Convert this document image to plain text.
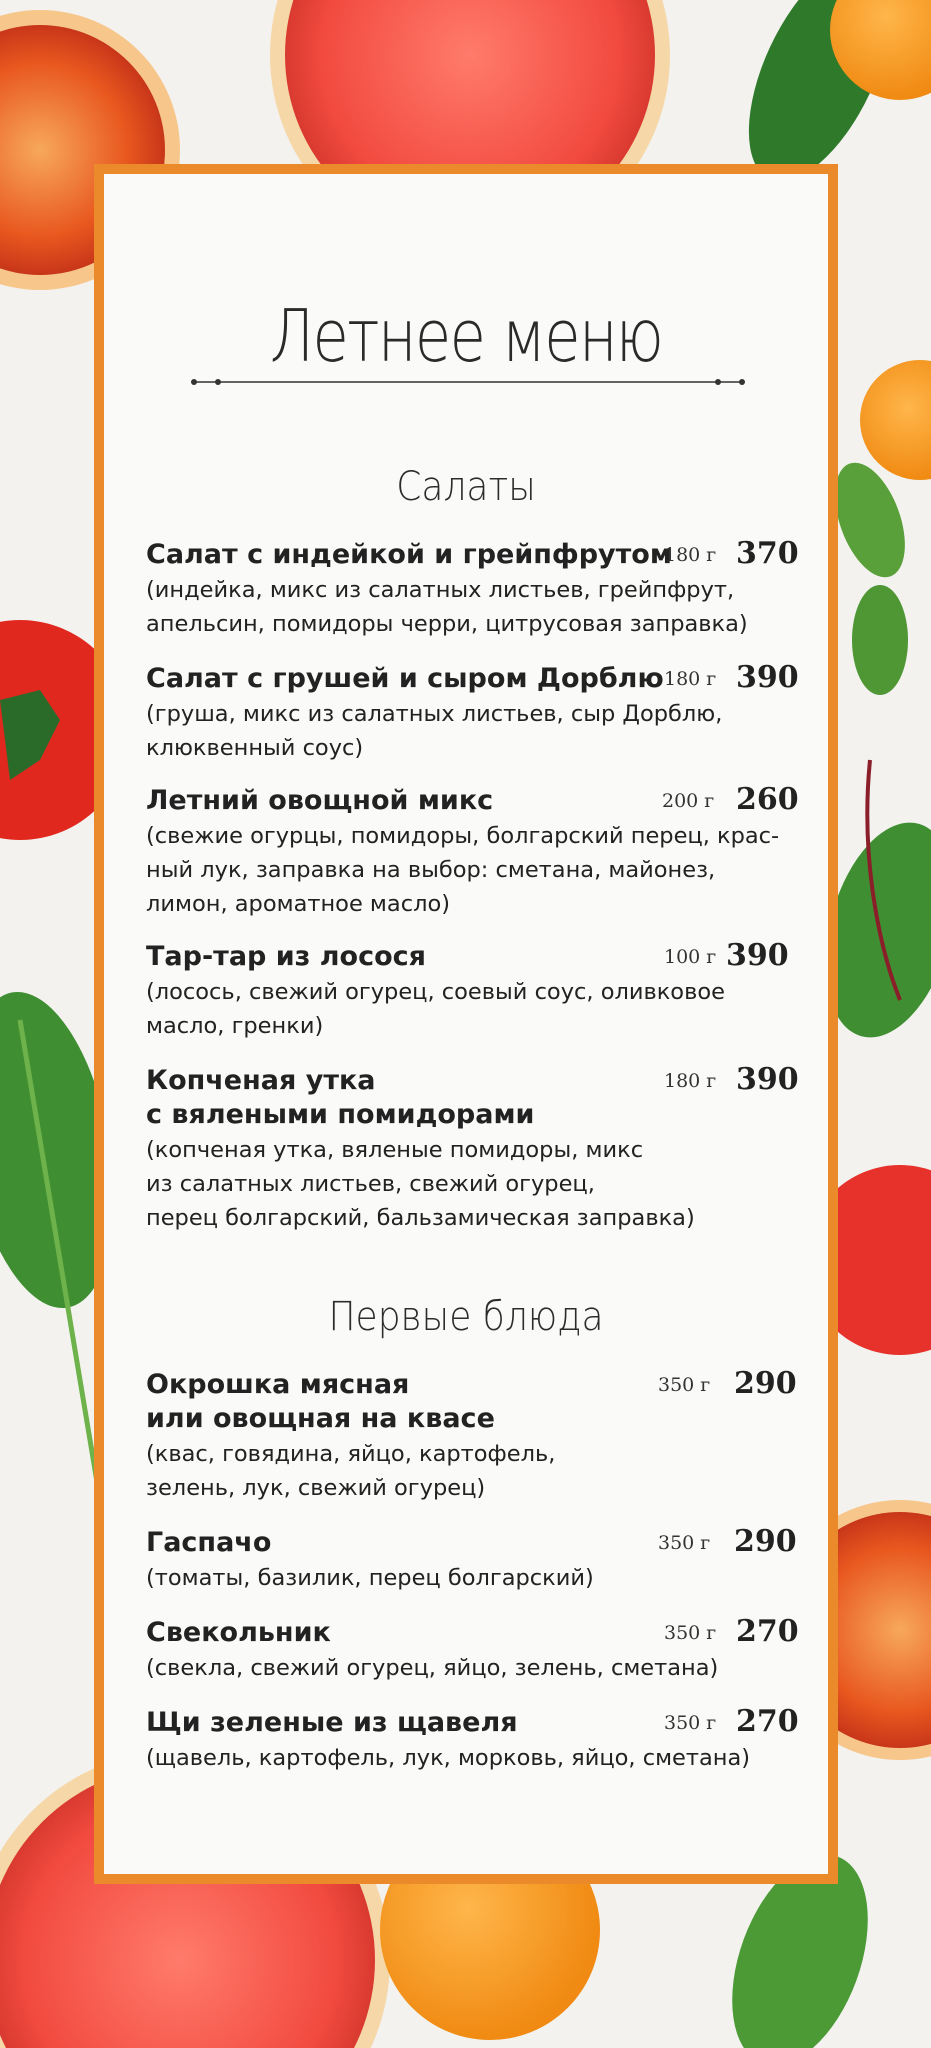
Летнее меню
Салаты
Салат с индейкой и грейпфрутом
180 г 370
(индейка, микс из салатных листьев, грейпфрут,
апельсин, помидоры черри, цитрусовая заправка)
Салат с грушей и сыром Дорблю 180 г 390
(груша, микс из салатных листьев, сыр Дорблю,
клюквенный соус)
Летний овощной микс	200 г 260
(свежие огурцы, помидоры, болгарский перец, крас-
ный лук, заправка на выбор: сметана, майонез,
лимон, ароматное масло)
Тар-тар из лосося	100 г 390
(лосось, свежий огурец, соевый соус, оливковое
масло, гренки)
Копченая утка
с вялеными помидорами
180 г 390
(копченая утка, вяленые помидоры, микс
из салатных листьев, свежий огурец,
перец болгарский, бальзамическая заправка)
Первые блюда
Окрошка мясная
или овощная на квасе
350 г 290
(квас, говядина, яйцо, картофель,
зелень, лук, свежий огурец)
Гаспачо	350 г 290
(томаты, базилик, перец болгарский)
Свекольник	350 г 270
(свекла, свежий огурец, яйцо, зелень, сметана)
Щи зеленые из щавеля	350 г 270
(щавель, картофель, лук, морковь, яйцо, сметана)
